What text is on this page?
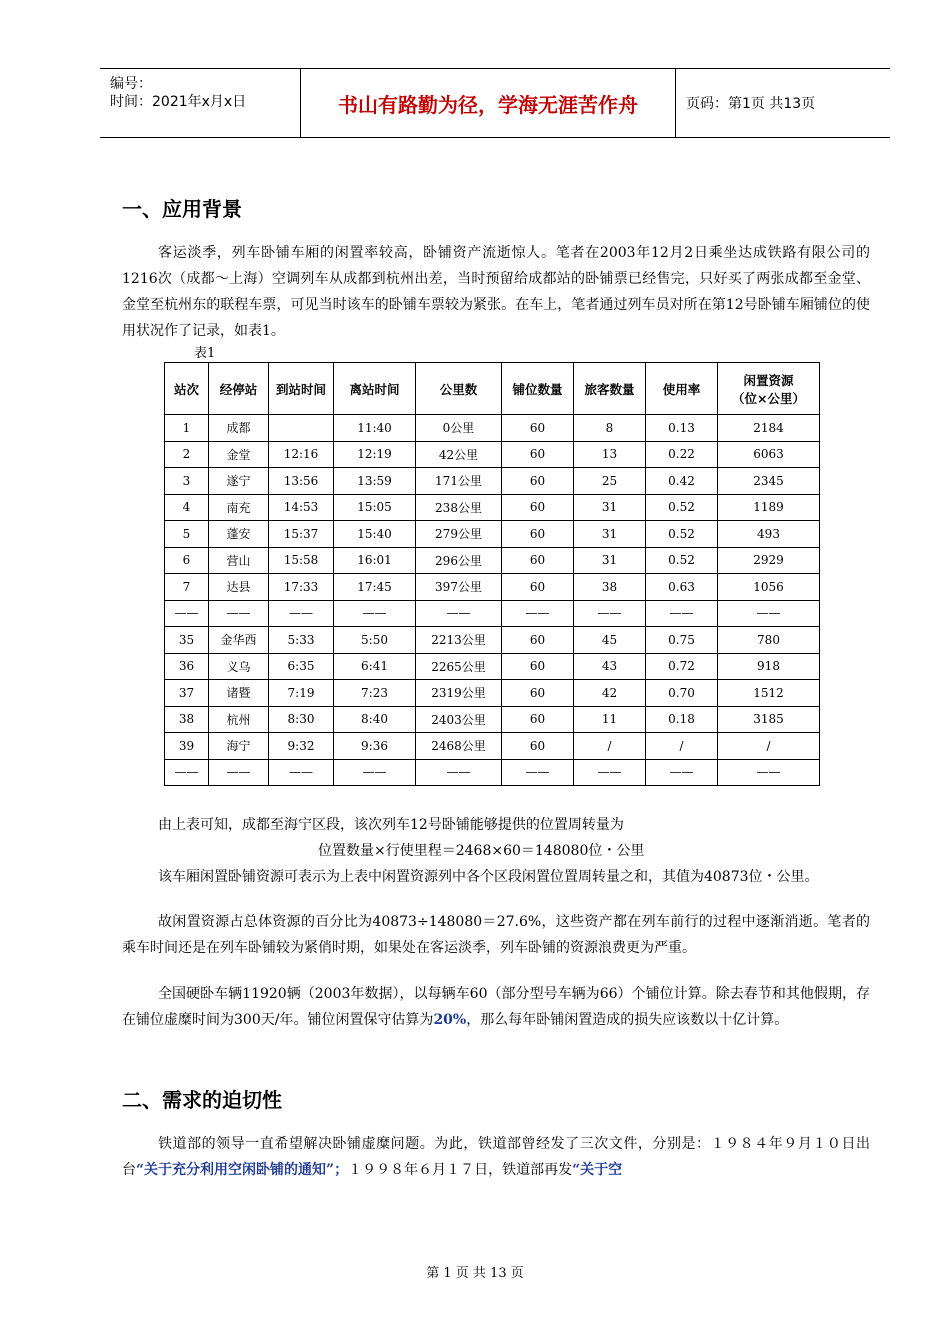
编号：
时间：2021年x月x日	书山有路勤为径，学海无涯苦作舟	页码：第1页 共13页
一、应用背景

客运淡季，列车卧铺车厢的闲置率较高，卧铺资产流逝惊人。笔者在2003年12月2日乘坐达成铁路有限公司的1216次（成都～上海）空调列车从成都到杭州出差，当时预留给成都站的卧铺票已经售完，只好买了两张成都至金堂、金堂至杭州东的联程车票，可见当时该车的卧铺车票较为紧张。在车上，笔者通过列车员对所在第12号卧铺车厢铺位的使用状况作了记录，如表1。

表1
站次	经停站	到站时间	离站时间	公里数	铺位数量	旅客数量	使用率	闲置资源
（位×公里）

1	成都		11:40	0公里	60	8	0.13	2184
2	金堂	12:16	12:19	42公里	60	13	0.22	6063
3	遂宁	13:56	13:59	171公里	60	25	0.42	2345
4	南充	14:53	15:05	238公里	60	31	0.52	1189
5	蓬安	15:37	15:40	279公里	60	31	0.52	493
6	营山	15:58	16:01	296公里	60	31	0.52	2929
7	达县	17:33	17:45	397公里	60	38	0.63	1056
——	——	——	——	——	——	——	——	——
35	金华西	5:33	5:50	2213公里	60	45	0.75	780
36	义乌	6:35	6:41	2265公里	60	43	0.72	918
37	诸暨	7:19	7:23	2319公里	60	42	0.70	1512
38	杭州	8:30	8:40	2403公里	60	11	0.18	3185
39	海宁	9:32	9:36	2468公里	60	/	/	/
——	——	——	——	——	——	——	——	——

由上表可知，成都至海宁区段，该次列车12号卧铺能够提供的位置周转量为

位置数量×行使里程＝2468×60＝148080位・公里

该车厢闲置卧铺资源可表示为上表中闲置资源列中各个区段闲置位置周转量之和，其值为40873位・公里。

故闲置资源占总体资源的百分比为40873÷148080＝27.6%，这些资产都在列车前行的过程中逐渐消逝。笔者的乘车时间还是在列车卧铺较为紧俏时期，如果处在客运淡季，列车卧铺的资源浪费更为严重。

全国硬卧车辆11920辆（2003年数据），以每辆车60（部分型号车辆为66）个铺位计算。除去春节和其他假期，存在铺位虚糜时间为300天/年。铺位闲置保守估算为20%，那么每年卧铺闲置造成的损失应该数以十亿计算。

二、需求的迫切性

铁道部的领导一直希望解决卧铺虚糜问题。为此，铁道部曾经发了三次文件，分别是：１９８４年９月１０日出台“关于充分利用空闲卧铺的通知”；１９９８年６月１７日，铁道部再发“关于空

第 1 页 共 13 页
